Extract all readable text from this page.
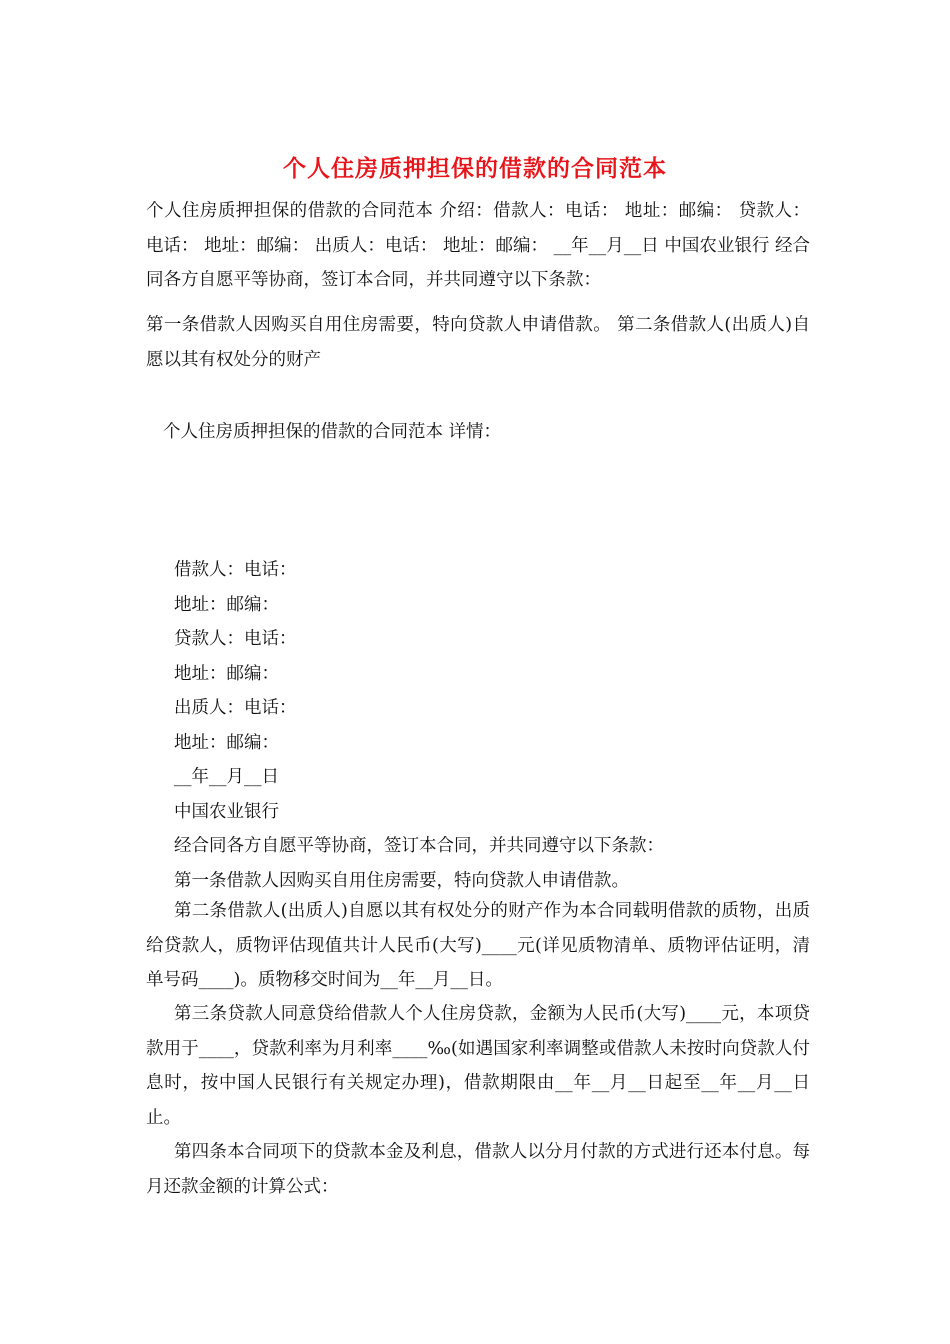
个人住房质押担保的借款的合同范本

个人住房质押担保的借款的合同范本 介绍：借款人：电话： 地址：邮编： 贷款人：电话： 地址：邮编： 出质人：电话： 地址：邮编： __年__月__日 中国农业银行 经合同各方自愿平等协商，签订本合同，并共同遵守以下条款：

第一条借款人因购买自用住房需要，特向贷款人申请借款。 第二条借款人(出质人)自愿以其有权处分的财产

个人住房质押担保的借款的合同范本 详情：

借款人：电话：

地址：邮编：

贷款人：电话：

地址：邮编：

出质人：电话：

地址：邮编：

__年__月__日

中国农业银行

经合同各方自愿平等协商，签订本合同，并共同遵守以下条款：

第一条借款人因购买自用住房需要，特向贷款人申请借款。

第二条借款人(出质人)自愿以其有权处分的财产作为本合同载明借款的质物，出质给贷款人，质物评估现值共计人民币(大写)____元(详见质物清单、质物评估证明，清单号码____)。质物移交时间为__年__月__日。

第三条贷款人同意贷给借款人个人住房贷款，金额为人民币(大写)____元，本项贷款用于____，贷款利率为月利率____‰(如遇国家利率调整或借款人未按时向贷款人付息时，按中国人民银行有关规定办理)，借款期限由__年__月__日起至__年__月__日止。

第四条本合同项下的贷款本金及利息，借款人以分月付款的方式进行还本付息。每月还款金额的计算公式：
